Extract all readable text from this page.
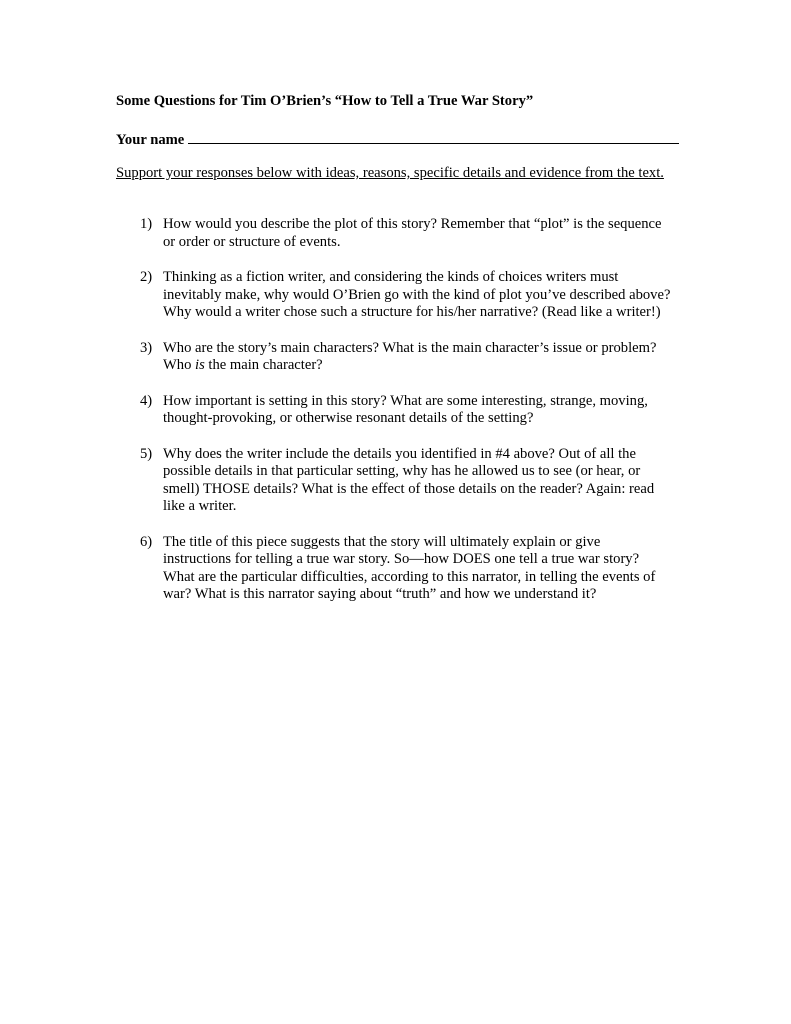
Some Questions for Tim O’Brien’s “How to Tell a True War Story”
Your name
Support your responses below with ideas, reasons, specific details and evidence from the text.
1) How would you describe the plot of this story? Remember that “plot” is the sequence
or order or structure of events.
2) Thinking as a fiction writer, and considering the kinds of choices writers must
inevitably make, why would O’Brien go with the kind of plot you’ve described above?
Why would a writer chose such a structure for his/her narrative? (Read like a writer!)
3) Who are the story’s main characters? What is the main character’s issue or problem?
Who is the main character?
4) How important is setting in this story? What are some interesting, strange, moving,
thought-provoking, or otherwise resonant details of the setting?
5) Why does the writer include the details you identified in #4 above? Out of all the
possible details in that particular setting, why has he allowed us to see (or hear, or
smell) THOSE details? What is the effect of those details on the reader? Again: read
like a writer.
6) The title of this piece suggests that the story will ultimately explain or give
instructions for telling a true war story. So—how DOES one tell a true war story?
What are the particular difficulties, according to this narrator, in telling the events of
war? What is this narrator saying about “truth” and how we understand it?
